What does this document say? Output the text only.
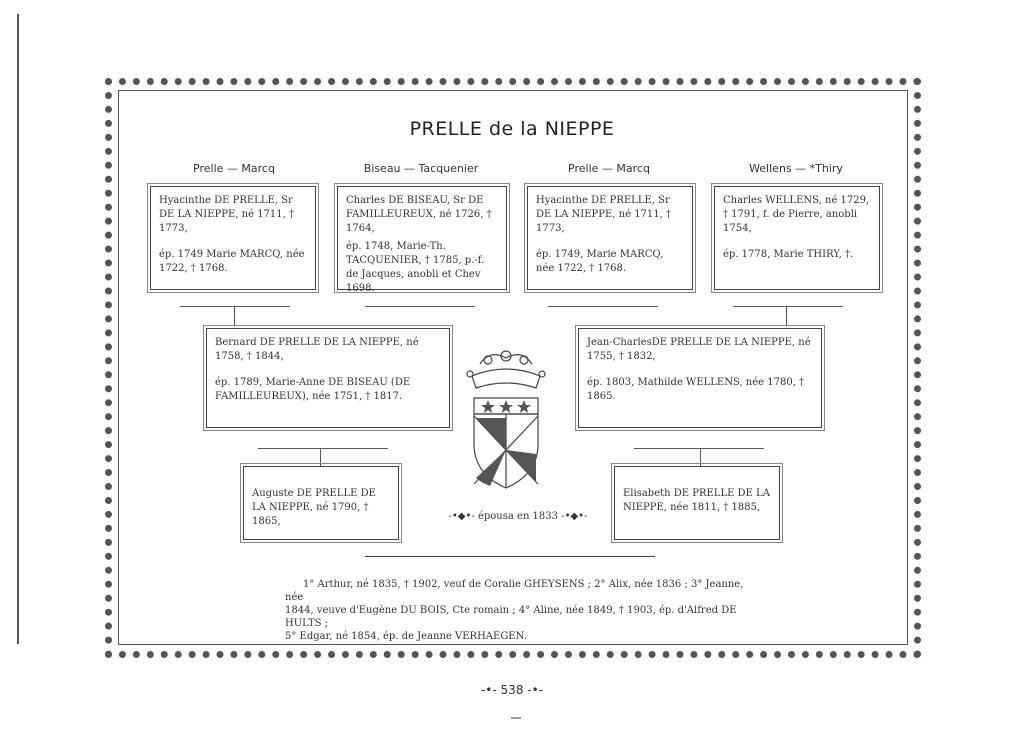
PRELLE de la NIEPPE
Prelle — Marcq	Biseau — Tacquenier	Prelle — Marcq	Wellens — *Thiry

Hyacinthe DE PRELLE, Sr DE LA NIEPPE, né 1711, † 1773,

ép. 1749 Marie MARCQ, née 1722, † 1768.

Charles DE BISEAU, Sr DE FAMILLEUREUX, né 1726, † 1764,

ép. 1748, Marie-Th. TACQUENIER, † 1785, p.-f. de Jacques, anobli et Chev 1698.

Hyacinthe DE PRELLE, Sr DE LA NIEPPE, né 1711, † 1773,

ép. 1749, Marie MARCQ, née 1722, † 1768.

Charles WELLENS, né 1729, † 1791, f. de Pierre, anobli 1754,

ép. 1778, Marie THIRY, †.

Bernard DE PRELLE DE LA NIEPPE, né 1758, † 1844,

ép. 1789, Marie-Anne DE BISEAU (DE FAMILLEUREUX), née 1751, † 1817.

Jean-CharlesDE PRELLE DE LA NIEPPE, né 1755, † 1832,

ép. 1803, Mathilde WELLENS, née 1780, † 1865.

Auguste DE PRELLE DE LA NIEPPE, né 1790, † 1865,

Elisabeth DE PRELLE DE LA NIEPPE, née 1811, † 1885,

-•◆•- épousa en 1833 -•◆•-

1° Arthur, né 1835, † 1902, veuf de Coralie GHEYSENS ; 2° Alix, née 1836 ; 3° Jeanne, née

1844, veuve d'Eugène DU BOIS, Cte romain ; 4° Aline, née 1849, † 1903, ép. d'Alfred DE HULTS ;

5° Edgar, né 1854, ép. de Jeanne VERHAEGEN.

-•- 538 -•-
